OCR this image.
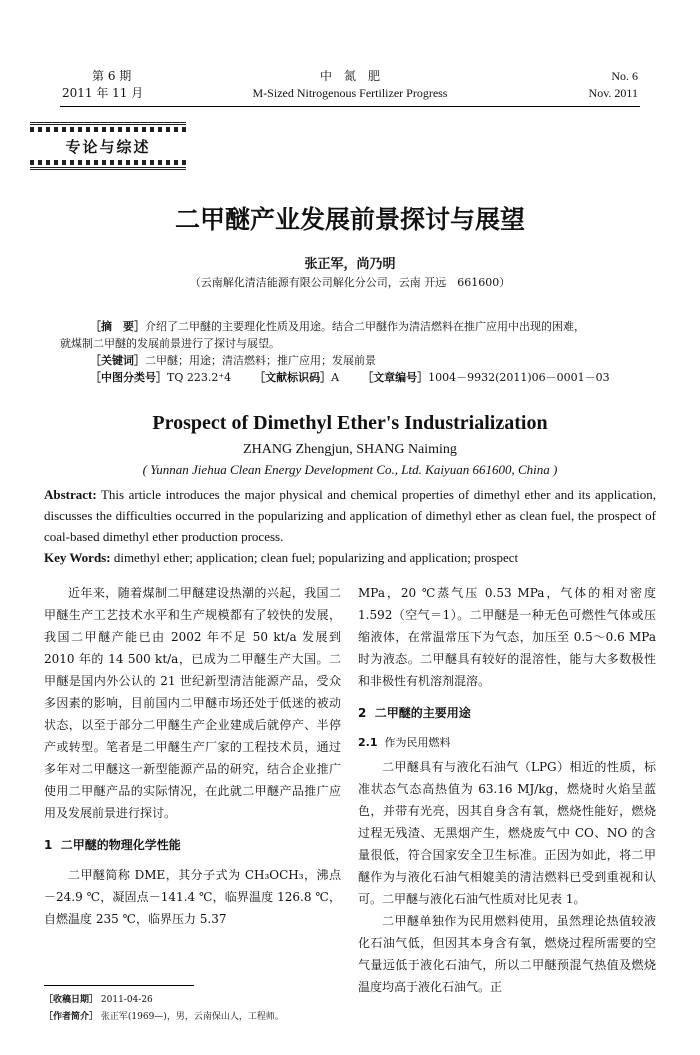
第 6 期
2011 年 11 月
中　氮　肥
M-Sized Nitrogenous Fertilizer Progress
No. 6
Nov. 2011
专论与综述
二甲醚产业发展前景探讨与展望
张正军，尚乃明
（云南解化清洁能源有限公司解化分公司，云南 开远　661600）

［摘　要］介绍了二甲醚的主要理化性质及用途。结合二甲醚作为清洁燃料在推广应用中出现的困难，

就煤制二甲醚的发展前景进行了探讨与展望。

［关键词］二甲醚；用途；清洁燃料；推广应用；发展前景

［中图分类号］TQ 223.2⁺4 ［文献标识码］A ［文章编号］1004－9932(2011)06－0001－03

Prospect of Dimethyl Ether's Industrialization
ZHANG Zhengjun, SHANG Naiming
( Yunnan Jiehua Clean Energy Development Co., Ltd. Kaiyuan 661600, China )

Abstract: This article introduces the major physical and chemical properties of dimethyl ether and its application, discusses the difficulties occurred in the popularizing and application of dimethyl ether as clean fuel, the prospect of coal-based dimethyl ether production process.

Key Words: dimethyl ether; application; clean fuel; popularizing and application; prospect

近年来，随着煤制二甲醚建设热潮的兴起，我国二甲醚生产工艺技术水平和生产规模都有了较快的发展，我国二甲醚产能已由 2002 年不足 50 kt/a 发展到 2010 年的 14 500 kt/a，已成为二甲醚生产大国。二甲醚是国内外公认的 21 世纪新型清洁能源产品，受众多因素的影响，目前国内二甲醚市场还处于低迷的被动状态，以至于部分二甲醚生产企业建成后就停产、半停产或转型。笔者是二甲醚生产厂家的工程技术员，通过多年对二甲醚这一新型能源产品的研究，结合企业推广使用二甲醚产品的实际情况，在此就二甲醚产品推广应用及发展前景进行探讨。

1 二甲醚的物理化学性能

二甲醚简称 DME，其分子式为 CH₃OCH₃，沸点－24.9 ℃，凝固点－141.4 ℃，临界温度 126.8 ℃，自燃温度 235 ℃，临界压力 5.37

MPa，20 ℃蒸气压 0.53 MPa，气体的相对密度 1.592（空气＝1）。二甲醚是一种无色可燃性气体或压缩液体，在常温常压下为气态，加压至 0.5～0.6 MPa 时为液态。二甲醚具有较好的混溶性，能与大多数极性和非极性有机溶剂混溶。

2 二甲醚的主要用途
2.1 作为民用燃料

二甲醚具有与液化石油气（LPG）相近的性质，标准状态气态高热值为 63.16 MJ/kg，燃烧时火焰呈蓝色，并带有光亮，因其自身含有氧，燃烧性能好，燃烧过程无残渣、无黑烟产生，燃烧废气中 CO、NO 的含量很低，符合国家安全卫生标准。正因为如此，将二甲醚作为与液化石油气相媲美的清洁燃料已受到重视和认可。二甲醚与液化石油气性质对比见表 1。

二甲醚单独作为民用燃料使用，虽然理论热值较液化石油气低，但因其本身含有氧，燃烧过程所需要的空气量远低于液化石油气，所以二甲醚预混气热值及燃烧温度均高于液化石油气。正

［收稿日期］ 2011-04-26
［作者简介］ 张正军(1969—)，男，云南保山人，工程师。
